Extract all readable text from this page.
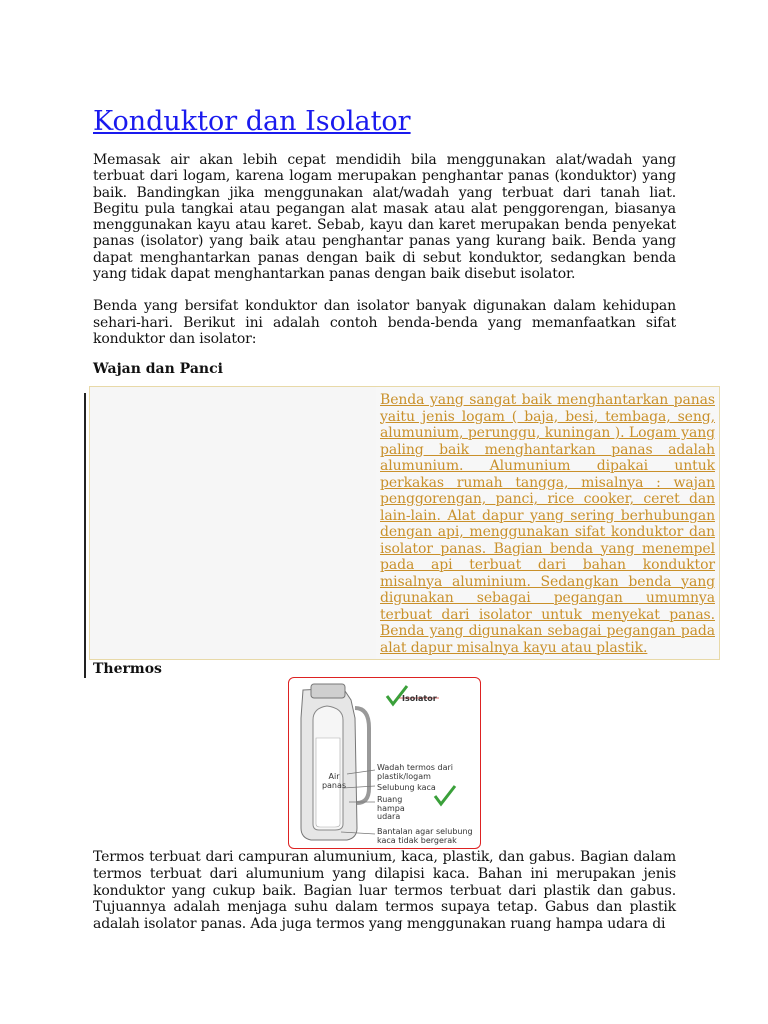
Konduktor dan Isolator

Memasak air akan lebih cepat mendidih bila menggunakan alat/wadah yang terbuat dari logam, karena logam merupakan penghantar panas (konduktor) yang baik. Bandingkan jika menggunakan alat/wadah yang terbuat dari tanah liat. Begitu pula tangkai atau pegangan alat masak atau alat penggorengan, biasanya menggunakan kayu atau karet. Sebab, kayu dan karet merupakan benda penyekat panas (isolator) yang baik atau penghantar panas yang kurang baik. Benda yang dapat menghantarkan panas dengan baik di sebut konduktor, sedangkan benda yang tidak dapat menghantarkan panas dengan baik disebut isolator.

Benda yang bersifat konduktor dan isolator banyak digunakan dalam kehidupan sehari-hari. Berikut ini adalah contoh benda-benda yang memanfaatkan sifat konduktor dan isolator:

Wajan dan Panci
Benda yang sangat baik menghantarkan panas yaitu jenis logam ( baja, besi, tembaga, seng, alumunium, perunggu, kuningan ). Logam yang paling baik menghantarkan panas adalah alumunium. Alumunium dipakai untuk perkakas rumah tangga, misalnya : wajan penggorengan, panci, rice cooker, ceret dan lain-lain. Alat dapur yang sering berhubungan dengan api, menggunakan sifat konduktor dan isolator panas. Bagian benda yang menempel pada api terbuat dari bahan konduktor misalnya aluminium. Sedangkan benda yang digunakan sebagai pegangan umumnya terbuat dari isolator untuk menyekat panas. Benda yang digunakan sebagai pegangan pada alat dapur misalnya kayu atau plastik.
Thermos
Isolator
Air panas
Wadah termos dari plastik/logam
Selubung kaca
Ruang hampa udara
Bantalan agar selubung kaca tidak bergerak

Termos terbuat dari campuran alumunium, kaca, plastik, dan gabus. Bagian dalam termos terbuat dari alumunium yang dilapisi kaca. Bahan ini merupakan jenis konduktor yang cukup baik. Bagian luar termos terbuat dari plastik dan gabus. Tujuannya adalah menjaga suhu dalam termos supaya tetap. Gabus dan plastik adalah isolator panas. Ada juga termos yang menggunakan ruang hampa udara di
